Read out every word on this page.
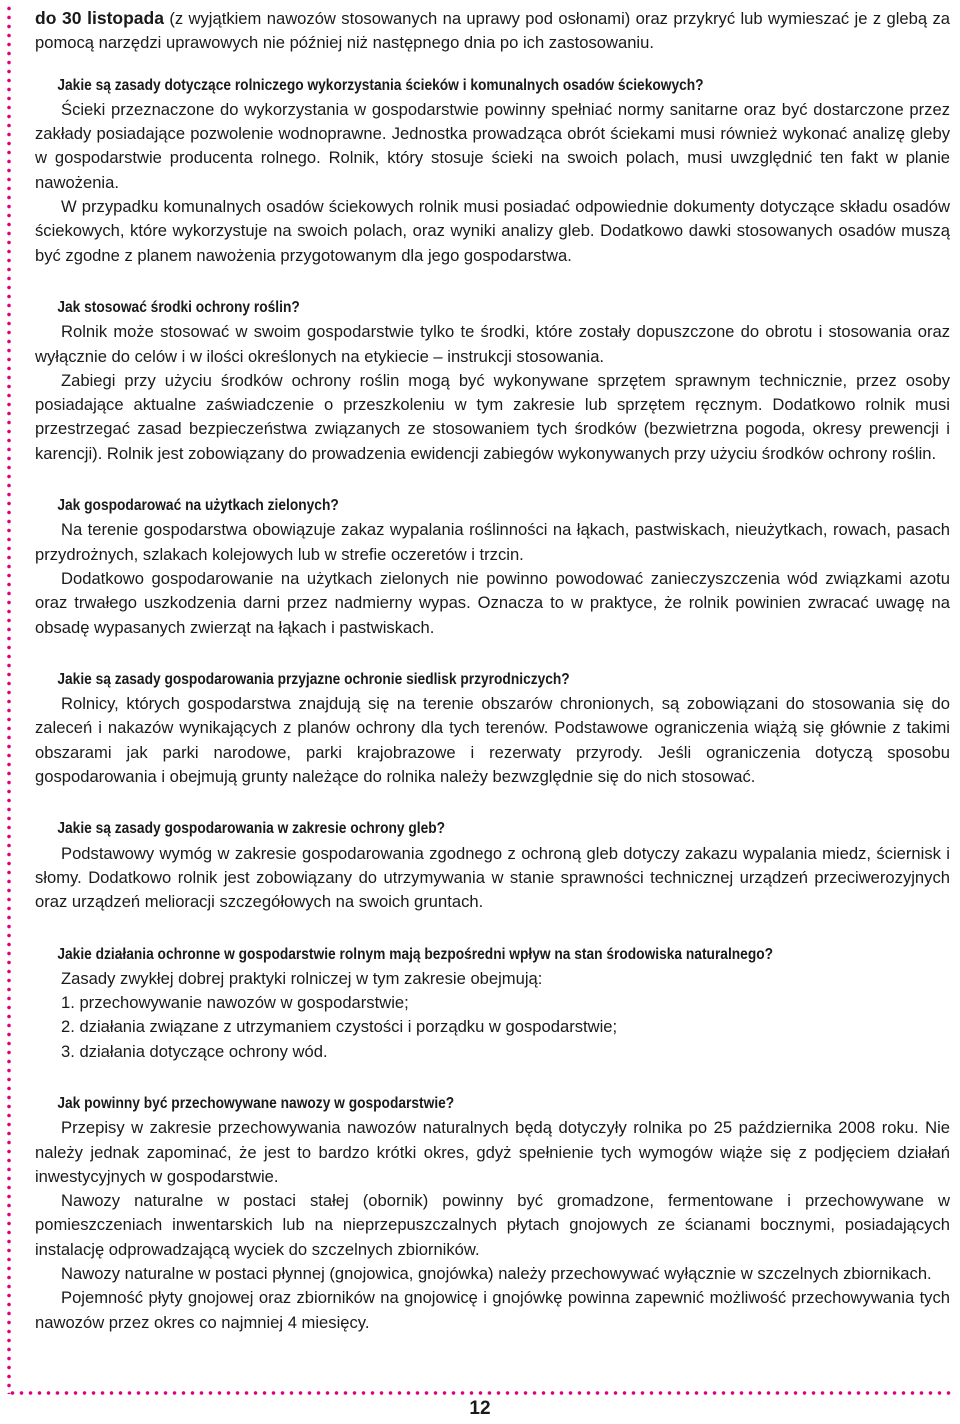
do 30 listopada (z wyjątkiem nawozów stosowanych na uprawy pod osłonami) oraz przykryć lub wymieszać je z glebą za pomocą narzędzi uprawowych nie później niż następnego dnia po ich zastosowaniu.

Jakie są zasady dotyczące rolniczego wykorzystania ścieków i komunalnych osadów ściekowych?

Ścieki przeznaczone do wykorzystania w gospodarstwie powinny spełniać normy sanitarne oraz być dostarczone przez zakłady posiadające pozwolenie wodnoprawne. Jednostka prowadząca obrót ściekami musi również wykonać analizę gleby w gospodarstwie producenta rolnego. Rolnik, który stosuje ścieki na swoich polach, musi uwzględnić ten fakt w planie nawożenia.

W przypadku komunalnych osadów ściekowych rolnik musi posiadać odpowiednie dokumenty dotyczące składu osadów ściekowych, które wykorzystuje na swoich polach, oraz wyniki analizy gleb. Dodatkowo dawki stosowanych osadów muszą być zgodne z planem nawożenia przygotowanym dla jego gospodarstwa.

Jak stosować środki ochrony roślin?

Rolnik może stosować w swoim gospodarstwie tylko te środki, które zostały dopuszczone do obrotu i stosowania oraz wyłącznie do celów i w ilości określonych na etykiecie – instrukcji stosowania.

Zabiegi przy użyciu środków ochrony roślin mogą być wykonywane sprzętem sprawnym technicznie, przez osoby posiadające aktualne zaświadczenie o przeszkoleniu w tym zakresie lub sprzętem ręcznym. Dodatkowo rolnik musi przestrzegać zasad bezpieczeństwa związanych ze stosowaniem tych środków (bezwietrzna pogoda, okresy prewencji i karencji). Rolnik jest zobowiązany do prowadzenia ewidencji zabiegów wykonywanych przy użyciu środków ochrony roślin.

Jak gospodarować na użytkach zielonych?

Na terenie gospodarstwa obowiązuje zakaz wypalania roślinności na łąkach, pastwiskach, nieużytkach, rowach, pasach przydrożnych, szlakach kolejowych lub w strefie oczeretów i trzcin.

Dodatkowo gospodarowanie na użytkach zielonych nie powinno powodować zanieczyszczenia wód związkami azotu oraz trwałego uszkodzenia darni przez nadmierny wypas. Oznacza to w praktyce, że rolnik powinien zwracać uwagę na obsadę wypasanych zwierząt na łąkach i pastwiskach.

Jakie są zasady gospodarowania przyjazne ochronie siedlisk przyrodniczych?

Rolnicy, których gospodarstwa znajdują się na terenie obszarów chronionych, są zobowiązani do stosowania się do zaleceń i nakazów wynikających z planów ochrony dla tych terenów. Podstawowe ograniczenia wiążą się głównie z takimi obszarami jak parki narodowe, parki krajobrazowe i rezerwaty przyrody. Jeśli ograniczenia dotyczą sposobu gospodarowania i obejmują grunty należące do rolnika należy bezwzględnie się do nich stosować.

Jakie są zasady gospodarowania w zakresie ochrony gleb?

Podstawowy wymóg w zakresie gospodarowania zgodnego z ochroną gleb dotyczy zakazu wypalania miedz, ściernisk i słomy. Dodatkowo rolnik jest zobowiązany do utrzymywania w stanie sprawności technicznej urządzeń przeciwerozyjnych oraz urządzeń melioracji szczegółowych na swoich gruntach.

Jakie działania ochronne w gospodarstwie rolnym mają bezpośredni wpływ na stan środowiska naturalnego?

Zasady zwykłej dobrej praktyki rolniczej w tym zakresie obejmują:

1. przechowywanie nawozów w gospodarstwie;

2. działania związane z utrzymaniem czystości i porządku w gospodarstwie;

3. działania dotyczące ochrony wód.

Jak powinny być przechowywane nawozy w gospodarstwie?

Przepisy w zakresie przechowywania nawozów naturalnych będą dotyczyły rolnika po 25 października 2008 roku. Nie należy jednak zapominać, że jest to bardzo krótki okres, gdyż spełnienie tych wymogów wiąże się z podjęciem działań inwestycyjnych w gospodarstwie.

Nawozy naturalne w postaci stałej (obornik) powinny być gromadzone, fermentowane i przechowywane w pomieszczeniach inwentarskich lub na nieprzepuszczalnych płytach gnojowych ze ścianami bocznymi, posiadających instalację odprowadzającą wyciek do szczelnych zbiorników.

Nawozy naturalne w postaci płynnej (gnojowica, gnojówka) należy przechowywać wyłącznie w szczelnych zbiornikach.

Pojemność płyty gnojowej oraz zbiorników na gnojowicę i gnojówkę powinna zapewnić możliwość przechowywania tych nawozów przez okres co najmniej 4 miesięcy.

12
